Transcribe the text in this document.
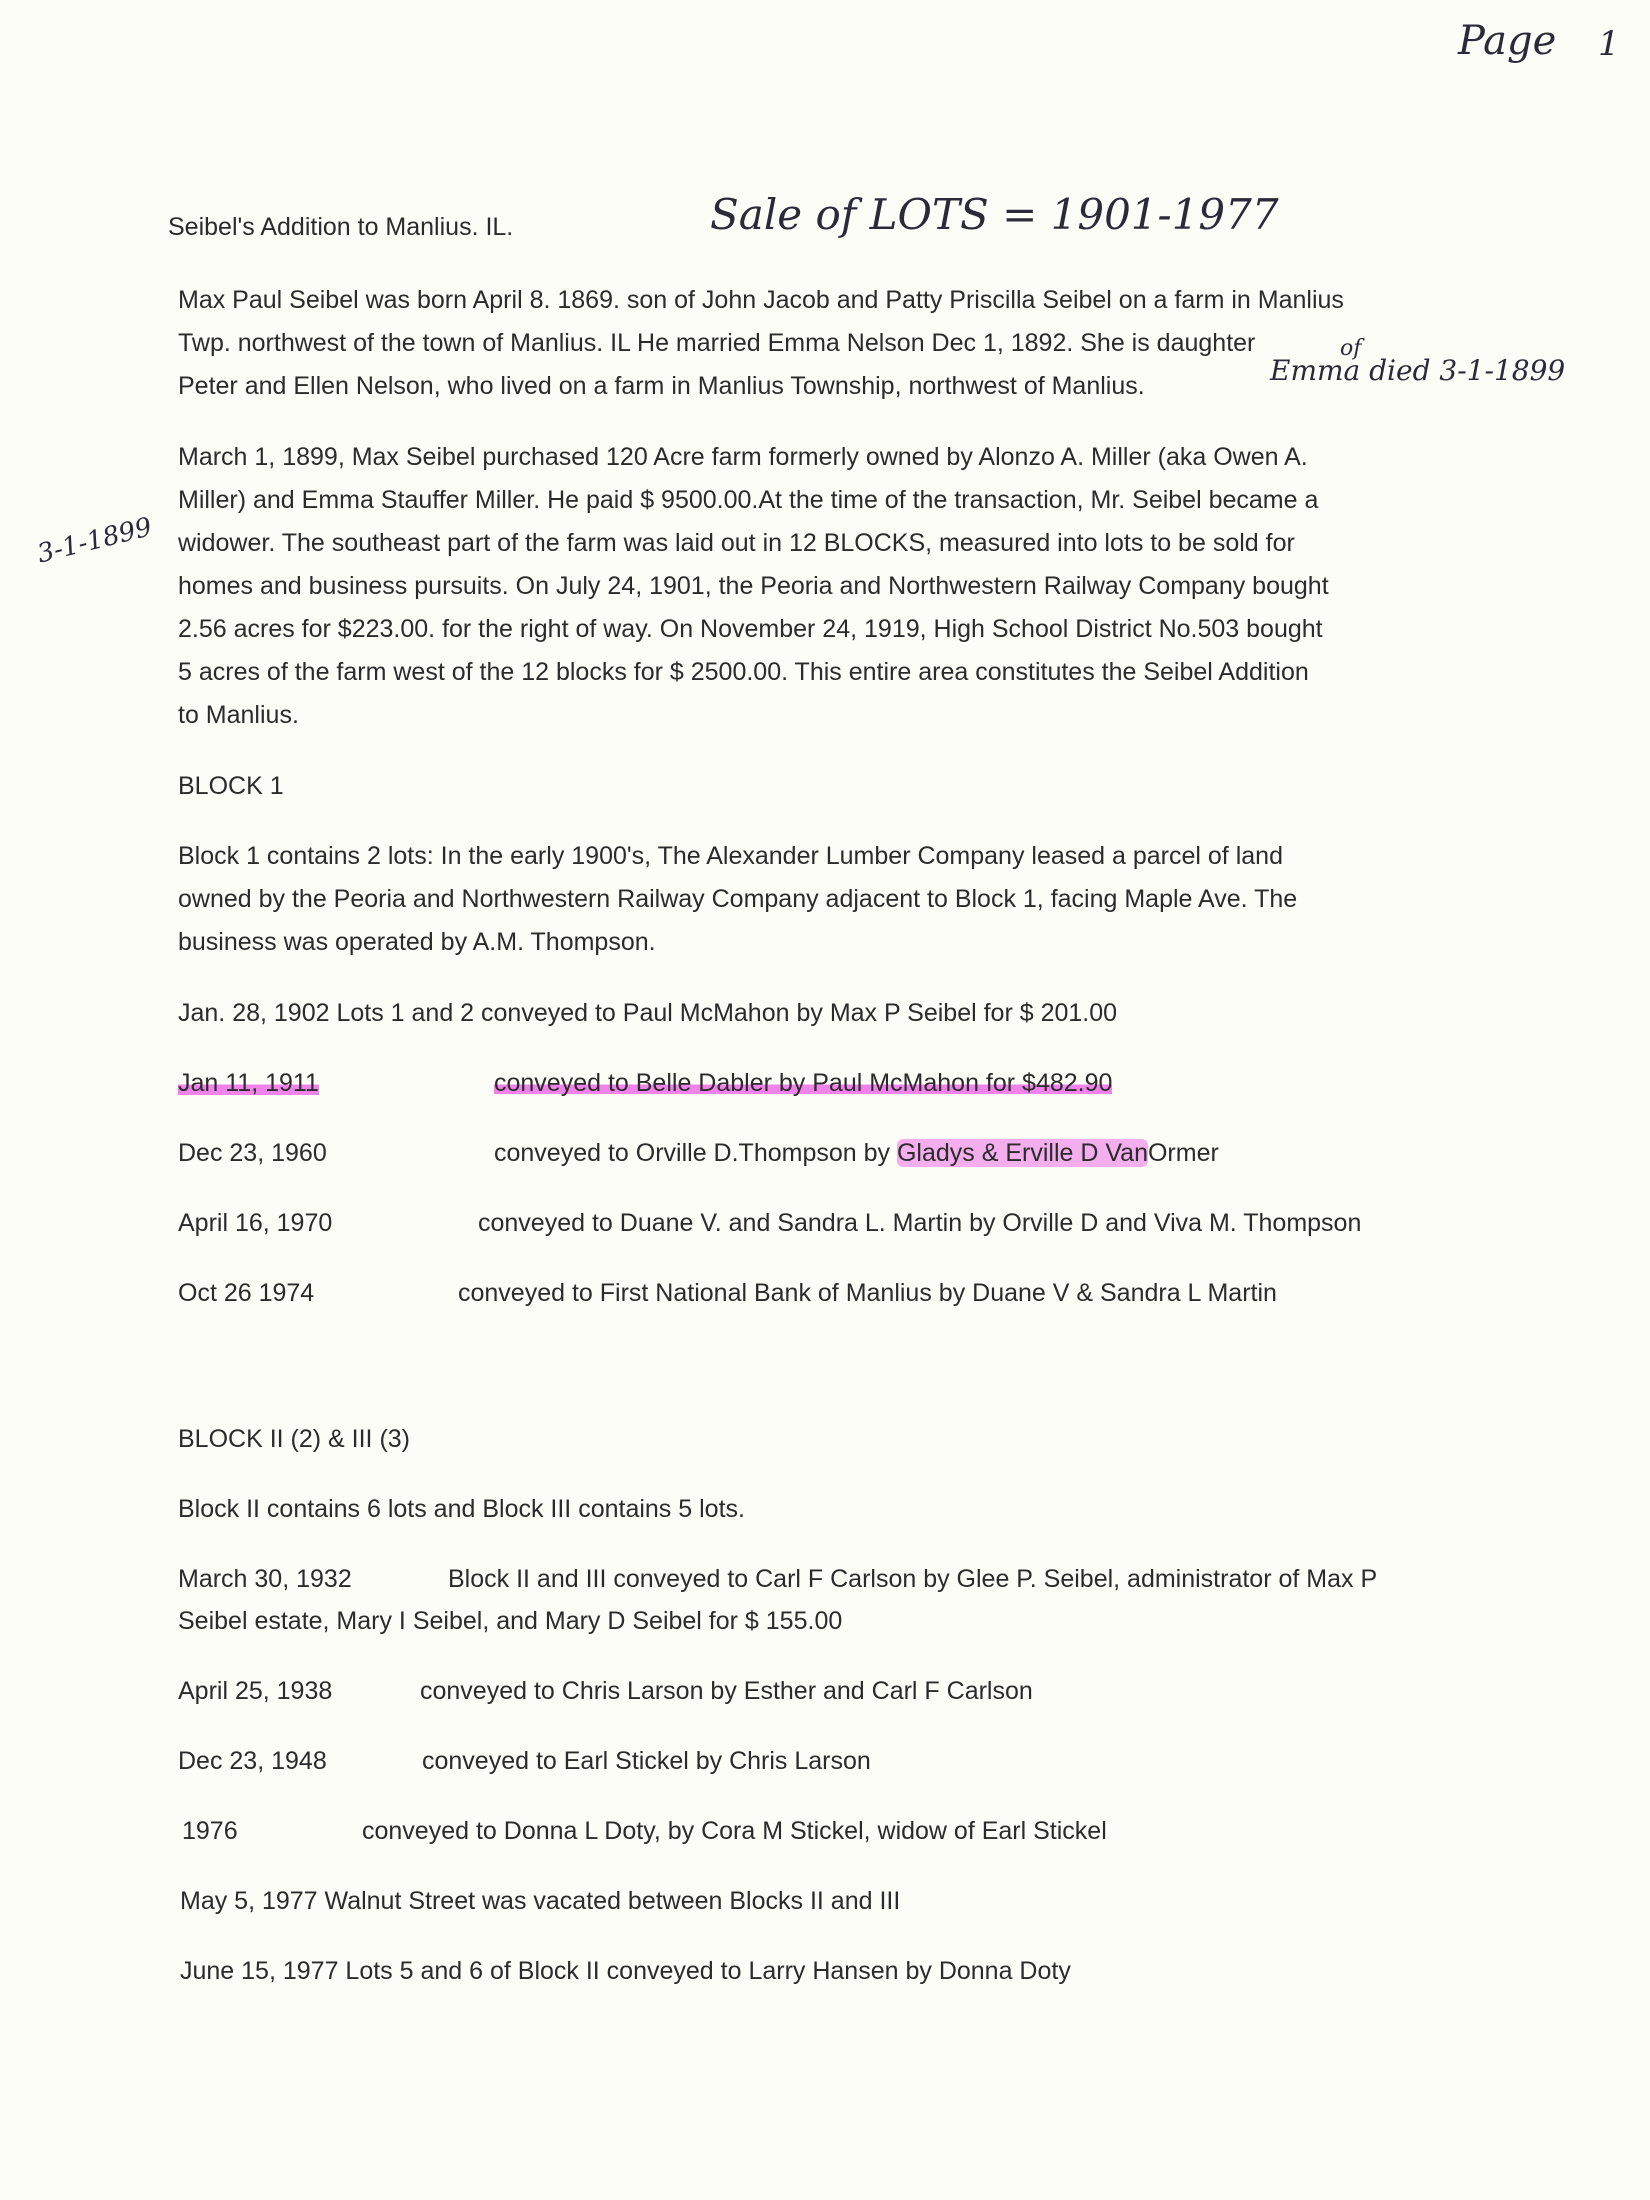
Page 1
Sale of LOTS = 1901-1977
of
Emma died 3-1-1899
3-1-1899
Seibel's Addition to Manlius. IL.
Max Paul Seibel was born April 8. 1869. son of John Jacob and Patty Priscilla Seibel on a farm in Manlius
Twp. northwest of the town of Manlius. IL He married Emma Nelson Dec 1, 1892. She is daughter
Peter and Ellen Nelson, who lived on a farm in Manlius Township, northwest of Manlius.
March 1, 1899, Max Seibel purchased 120 Acre farm formerly owned by Alonzo A. Miller (aka Owen A.
Miller) and Emma Stauffer Miller. He paid $ 9500.00.At the time of the transaction, Mr. Seibel became a
widower. The southeast part of the farm was laid out in 12 BLOCKS, measured into lots to be sold for
homes and business pursuits. On July 24, 1901, the Peoria and Northwestern Railway Company bought
2.56 acres for $223.00. for the right of way. On November 24, 1919, High School District No.503 bought
5 acres of the farm west of the 12 blocks for $ 2500.00. This entire area constitutes the Seibel Addition
to Manlius.
BLOCK 1
Block 1 contains 2 lots: In the early 1900's, The Alexander Lumber Company leased a parcel of land
owned by the Peoria and Northwestern Railway Company adjacent to Block 1, facing Maple Ave. The
business was operated by A.M. Thompson.
Jan. 28, 1902 Lots 1 and 2 conveyed to Paul McMahon by Max P Seibel for $ 201.00
Jan 11, 1911	conveyed to Belle Dabler by Paul McMahon for $482.90
Dec 23, 1960	conveyed to Orville D.Thompson by Gladys & Erville D VanOrmer
April 16, 1970	conveyed to Duane V. and Sandra L. Martin by Orville D and Viva M. Thompson
Oct 26 1974	conveyed to First National Bank of Manlius by Duane V & Sandra L Martin
BLOCK II (2) & III (3)
Block II contains 6 lots and Block III contains 5 lots.
March 30, 1932	Block II and III conveyed to Carl F Carlson by Glee P. Seibel, administrator of Max P
Seibel estate, Mary I Seibel, and Mary D Seibel for $ 155.00
April 25, 1938	conveyed to Chris Larson by Esther and Carl F Carlson
Dec 23, 1948	conveyed to Earl Stickel by Chris Larson
1976	conveyed to Donna L Doty, by Cora M Stickel, widow of Earl Stickel
May 5, 1977 Walnut Street was vacated between Blocks II and III
June 15, 1977 Lots 5 and 6 of Block II conveyed to Larry Hansen by Donna Doty
